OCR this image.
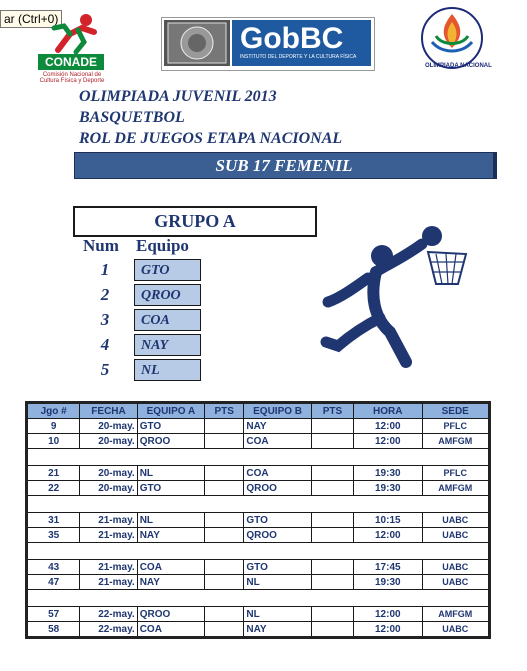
ar (Ctrl+0)
CONADE
Comisión Nacional de Cultura Física y Deporte
GobBC
INSTITUTO DEL DEPORTE Y LA CULTURA FÍSICA
OLIMPIADA NACIONAL
OLIMPIADA JUVENIL 2013
BASQUETBOL
ROL DE JUEGOS ETAPA NACIONAL
SUB 17 FEMENIL
GRUPO A
Num Equipo
1	GTO
2	QROO
3	COA
4	NAY
5	NL
Jgo #	FECHA	EQUIPO A	PTS	EQUIPO B	PTS	HORA	SEDE
9	20-may.	GTO		NAY		12:00	PFLC
10	20-may.	QROO		COA		12:00	AMFGM

21	20-may.	NL		COA		19:30	PFLC
22	20-may.	GTO		QROO		19:30	AMFGM

31	21-may.	NL		GTO		10:15	UABC
35	21-may.	NAY		QROO		12:00	UABC

43	21-may.	COA		GTO		17:45	UABC
47	21-may.	NAY		NL		19:30	UABC

57	22-may.	QROO		NL		12:00	AMFGM
58	22-may.	COA		NAY		12:00	UABC
